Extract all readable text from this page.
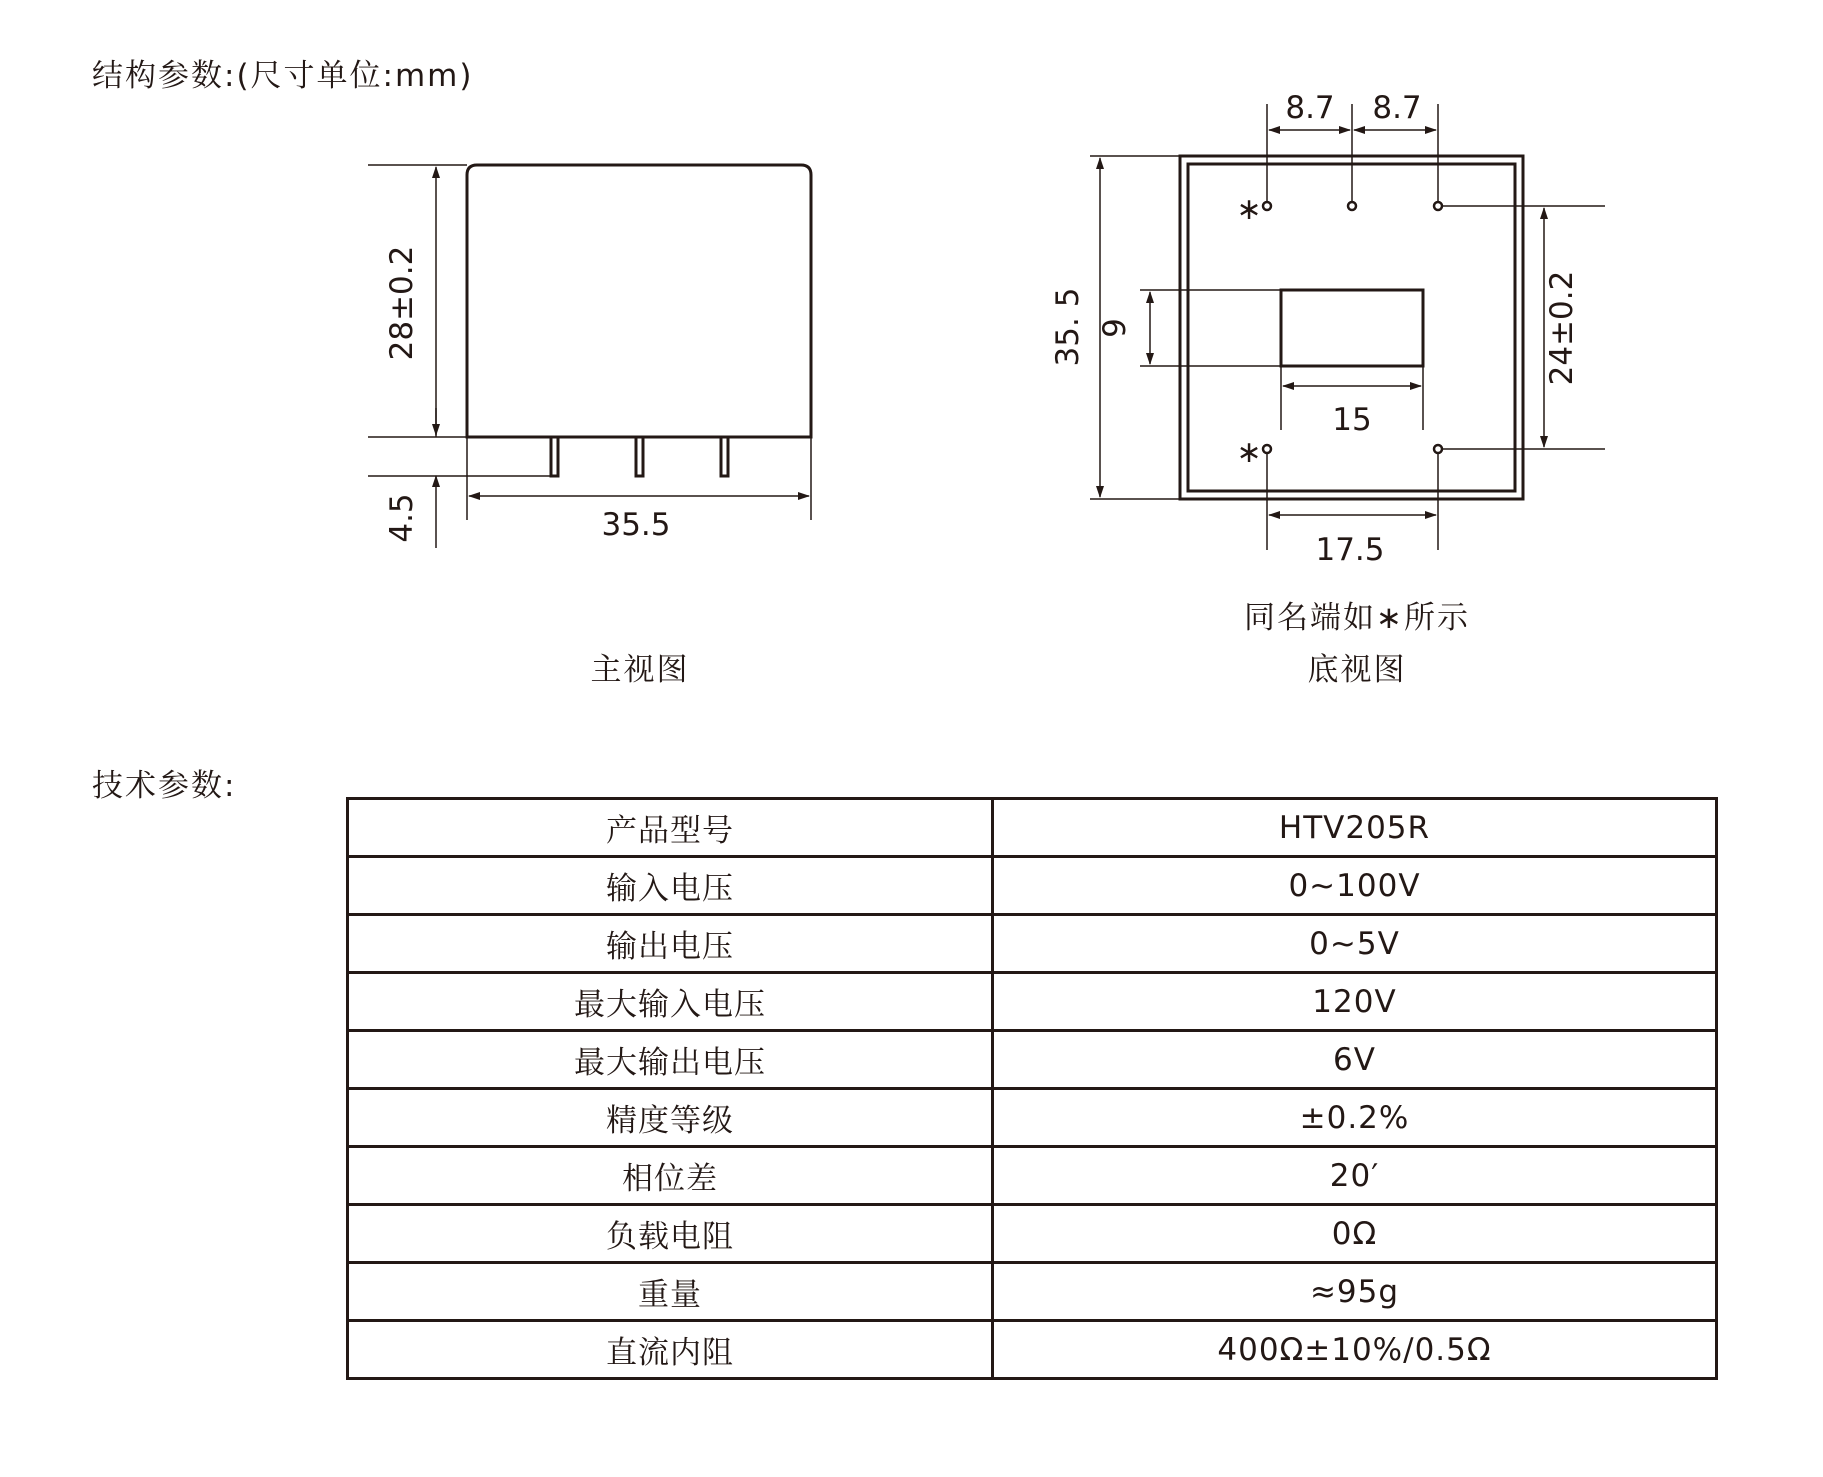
结构参数:(尺寸单位:mm)
技术参数:
28±0.2
4.5	35.5
主视图
∗
∗
8.7 8.7
35. 5 9
15
24±0.2
17.5
同名端如∗所示
底视图
产品型号	HTV205R
输入电压	0~100V
输出电压	0~5V
最大输入电压	120V
最大输出电压	6V
精度等级	±0.2%
相位差	20′
负载电阻	0Ω
重量	≈95g
直流内阻	400Ω±10%/0.5Ω
